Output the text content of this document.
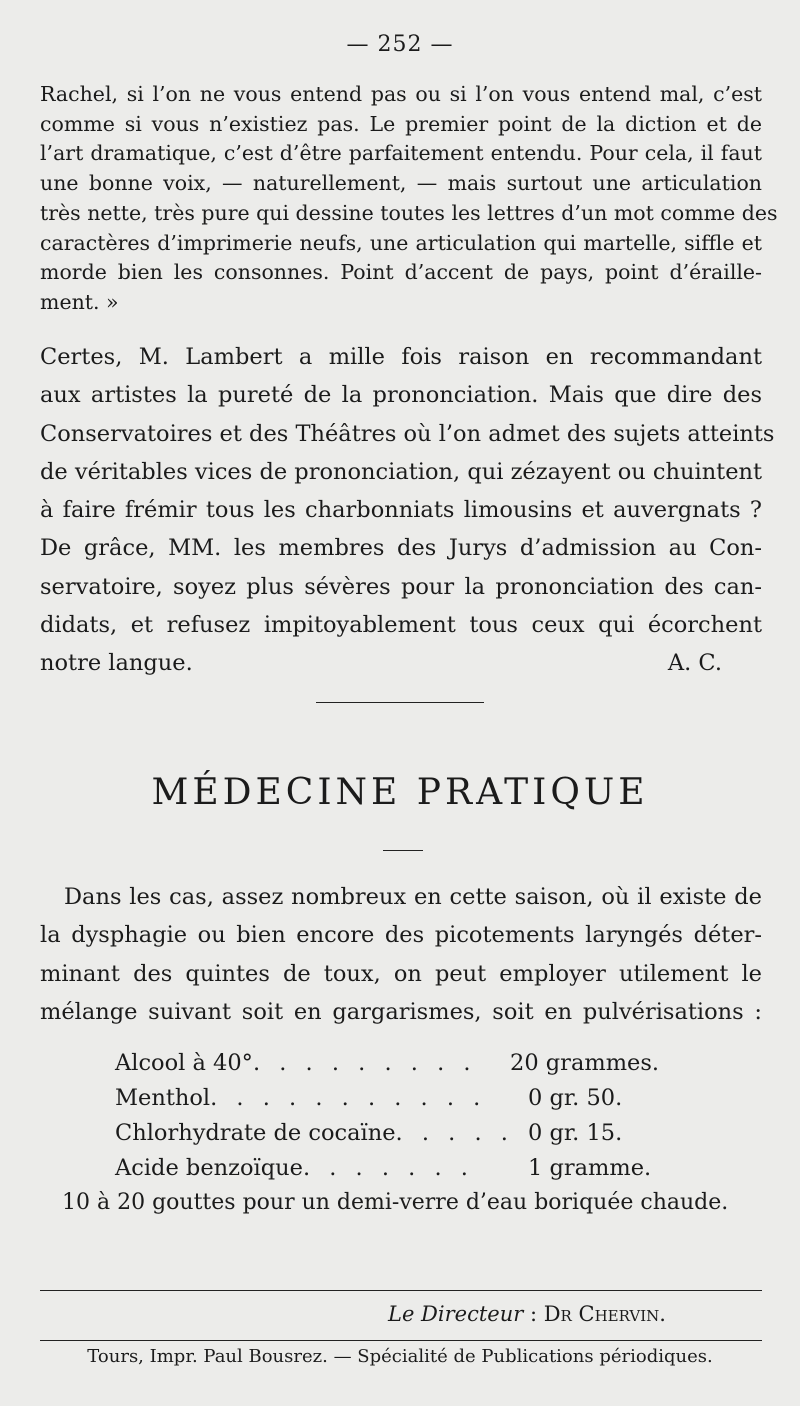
— 252 —
Rachel, si l’on ne vous entend pas ou si l’on vous entend mal, c’est
comme si vous n’existiez pas. Le premier point de la diction et de
l’art dramatique, c’est d’être parfaitement entendu. Pour cela, il faut
une bonne voix, — naturellement, — mais surtout une articulation
très nette, très pure qui dessine toutes les lettres d’un mot comme des
caractères d’imprimerie neufs, une articulation qui martelle, siffle et
morde bien les consonnes. Point d’accent de pays, point d’éraille-
ment. »
Certes, M. Lambert a mille fois raison en recommandant
aux artistes la pureté de la prononciation. Mais que dire des
Conservatoires et des Théâtres où l’on admet des sujets atteints
de véritables vices de prononciation, qui zézayent ou chuintent
à faire frémir tous les charbonniats limousins et auvergnats ?
De grâce, MM. les membres des Jurys d’admission au Con-
servatoire, soyez plus sévères pour la prononciation des can-
didats, et refusez impitoyablement tous ceux qui écorchent
notre langue.	A. C.
MÉDECINE PRATIQUE
Dans les cas, assez nombreux en cette saison, où il existe de
la dysphagie ou bien encore des picotements laryngés déter-
minant des quintes de toux, on peut employer utilement le
mélange suivant soit en gargarismes, soit en pulvérisations :
Alcool à 40°. . . . . . . . .	20 grammes.
Menthol. . . . . . . . . . .	0 gr. 50.
Chlorhydrate de cocaïne. . . . . 0 gr. 15.
Acide benzoïque. . . . . . .	1 gramme.
10 à 20 gouttes pour un demi-verre d’eau boriquée chaude.
Le Directeur : Dr Chervin.
Tours, Impr. Paul Bousrez. — Spécialité de Publications périodiques.
